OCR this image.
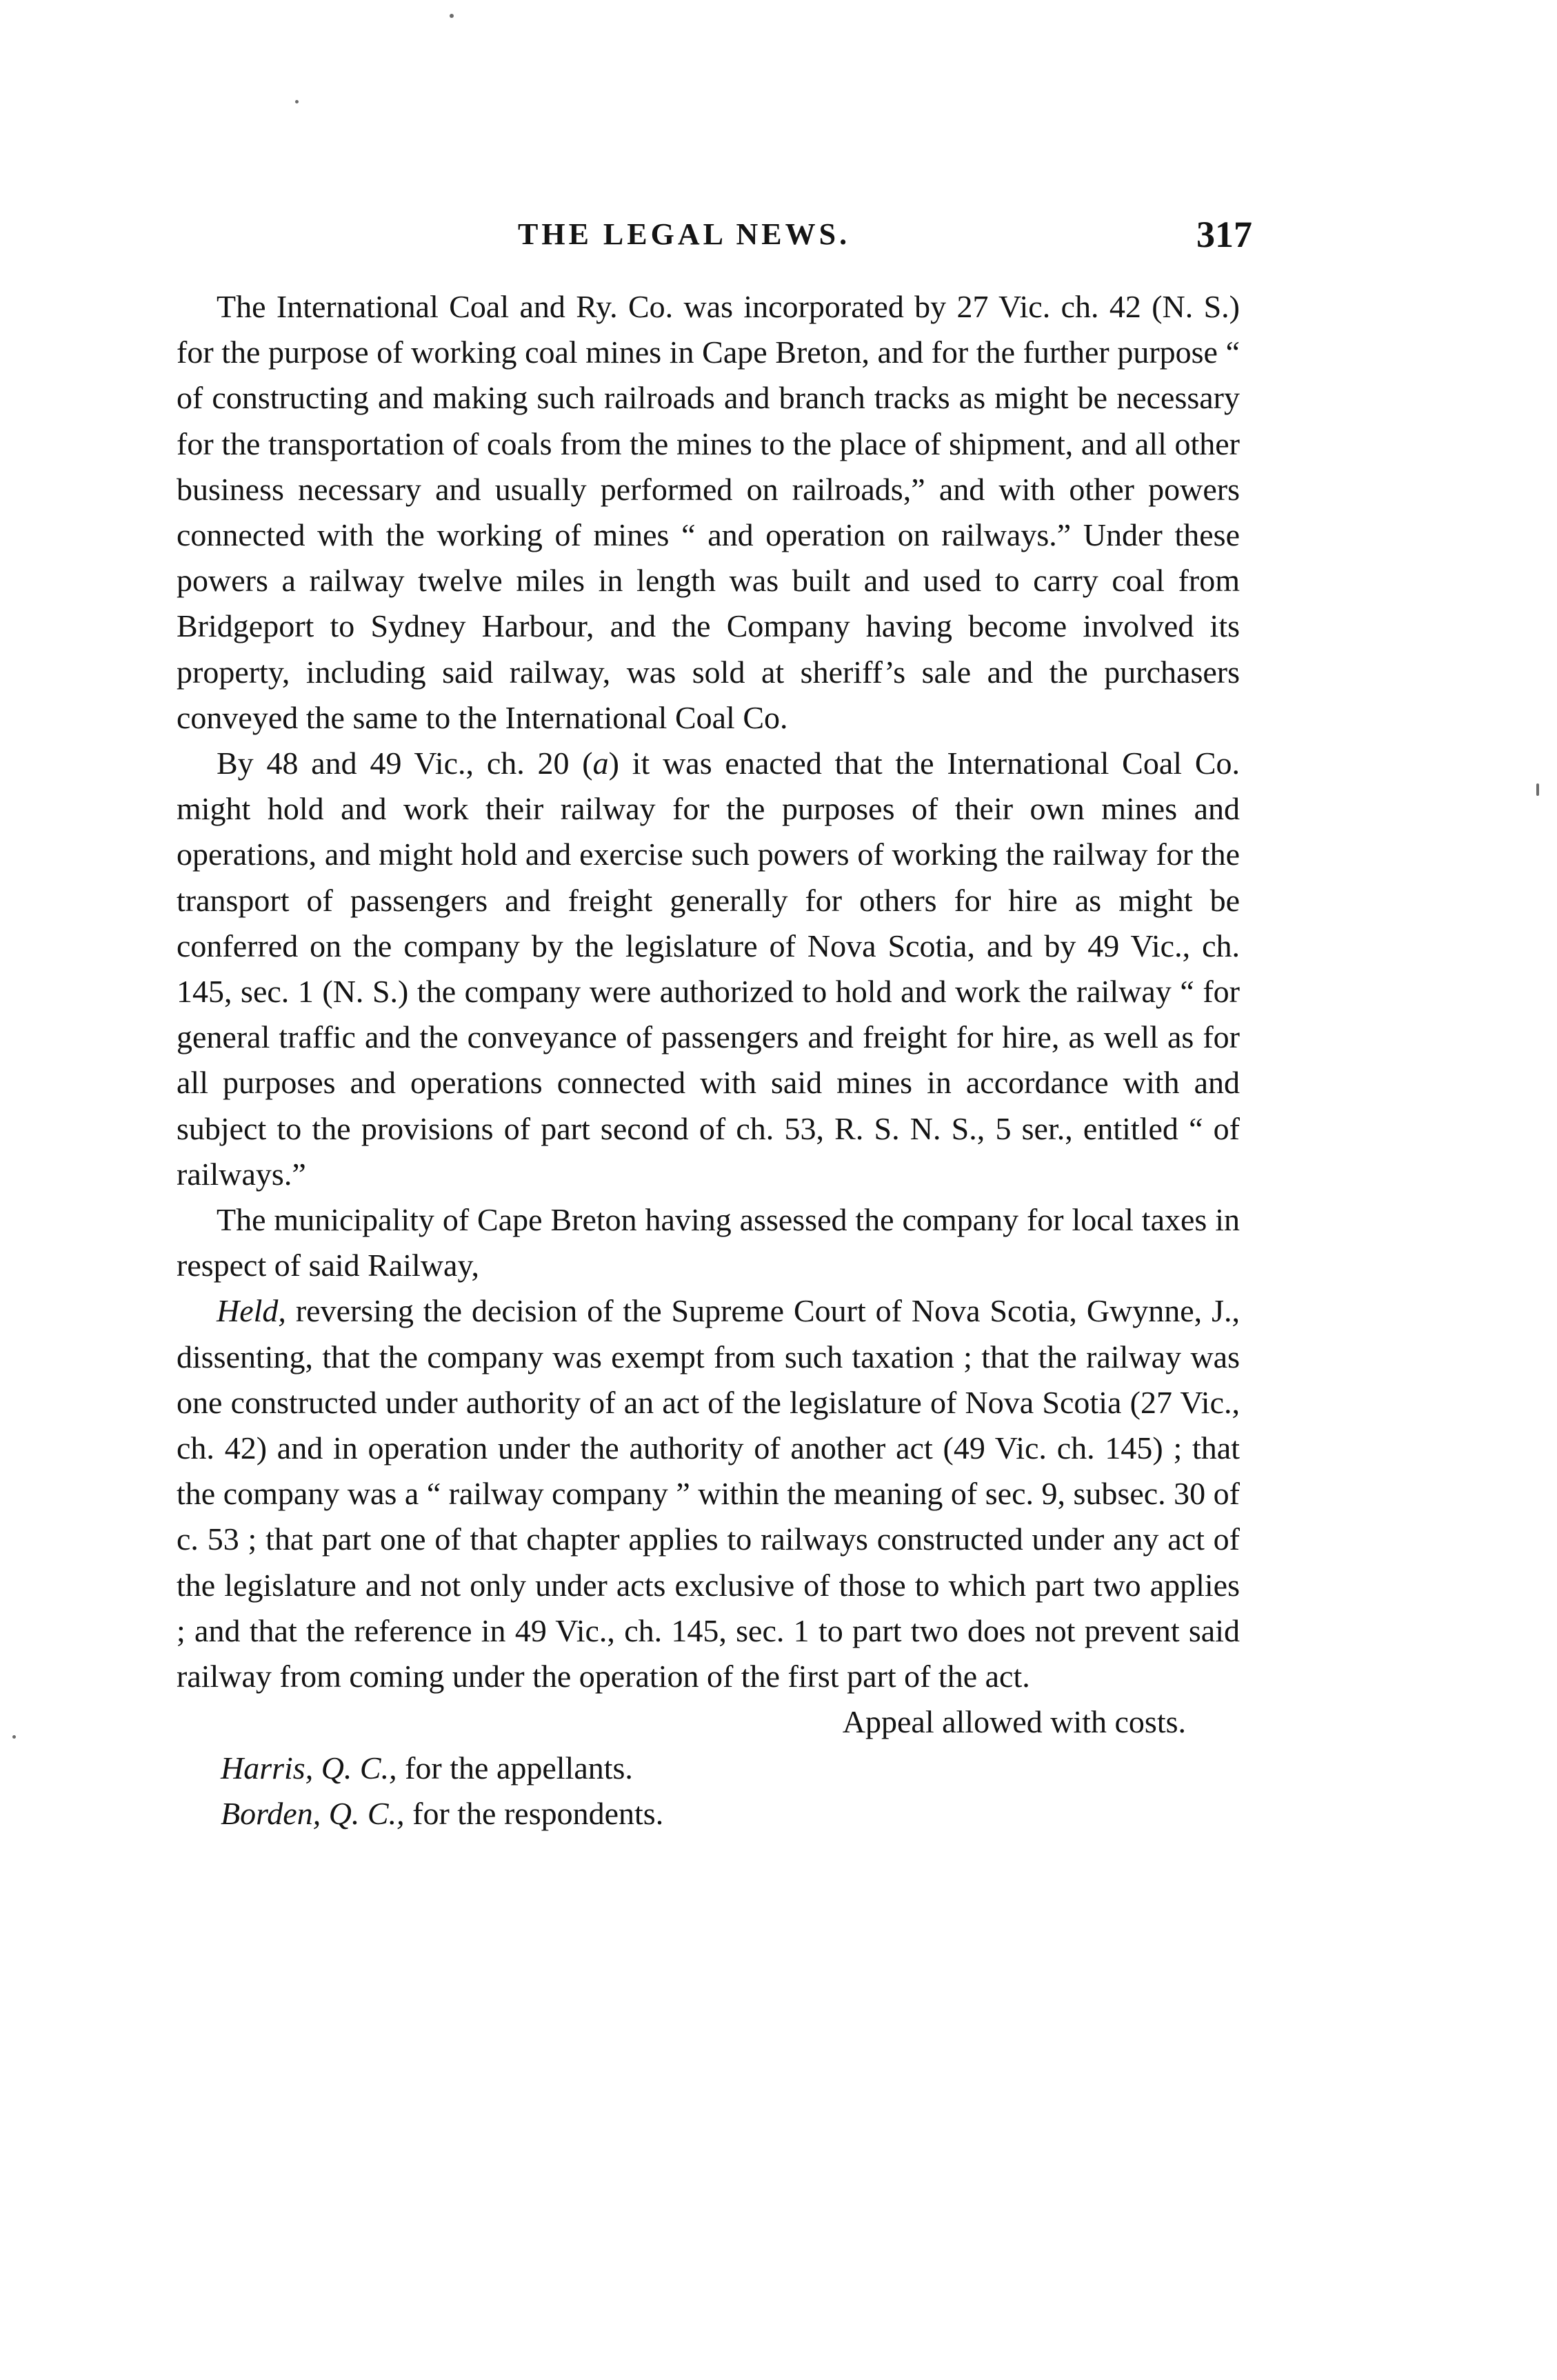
THE LEGAL NEWS.	317

The International Coal and Ry. Co. was incorporated by 27 Vic. ch. 42 (N. S.) for the purpose of working coal mines in Cape Breton, and for the further purpose “ of constructing and making such railroads and branch tracks as might be necessary for the transportation of coals from the mines to the place of shipment, and all other business necessary and usually performed on railroads,” and with other powers connected with the working of mines “ and operation on railways.” Under these powers a railway twelve miles in length was built and used to carry coal from Bridgeport to Sydney Harbour, and the Company having become involved its property, including said railway, was sold at sheriff’s sale and the purchasers conveyed the same to the International Coal Co.

By 48 and 49 Vic., ch. 20 (a) it was enacted that the International Coal Co. might hold and work their railway for the purposes of their own mines and operations, and might hold and exercise such powers of working the railway for the transport of passengers and freight generally for others for hire as might be conferred on the company by the legislature of Nova Scotia, and by 49 Vic., ch. 145, sec. 1 (N. S.) the company were authorized to hold and work the railway “ for general traffic and the conveyance of passengers and freight for hire, as well as for all purposes and operations connected with said mines in accordance with and subject to the provisions of part second of ch. 53, R. S. N. S., 5 ser., entitled “ of railways.”

The municipality of Cape Breton having assessed the company for local taxes in respect of said Railway,

Held, reversing the decision of the Supreme Court of Nova Scotia, Gwynne, J., dissenting, that the company was exempt from such taxation ; that the railway was one constructed under authority of an act of the legislature of Nova Scotia (27 Vic., ch. 42) and in operation under the authority of another act (49 Vic. ch. 145) ; that the company was a “ railway company ” within the meaning of sec. 9, subsec. 30 of c. 53 ; that part one of that chapter applies to railways constructed under any act of the legislature and not only under acts exclusive of those to which part two applies ; and that the reference in 49 Vic., ch. 145, sec. 1 to part two does not prevent said railway from coming under the operation of the first part of the act.

Appeal allowed with costs.

Harris, Q. C., for the appellants.

Borden, Q. C., for the respondents.
